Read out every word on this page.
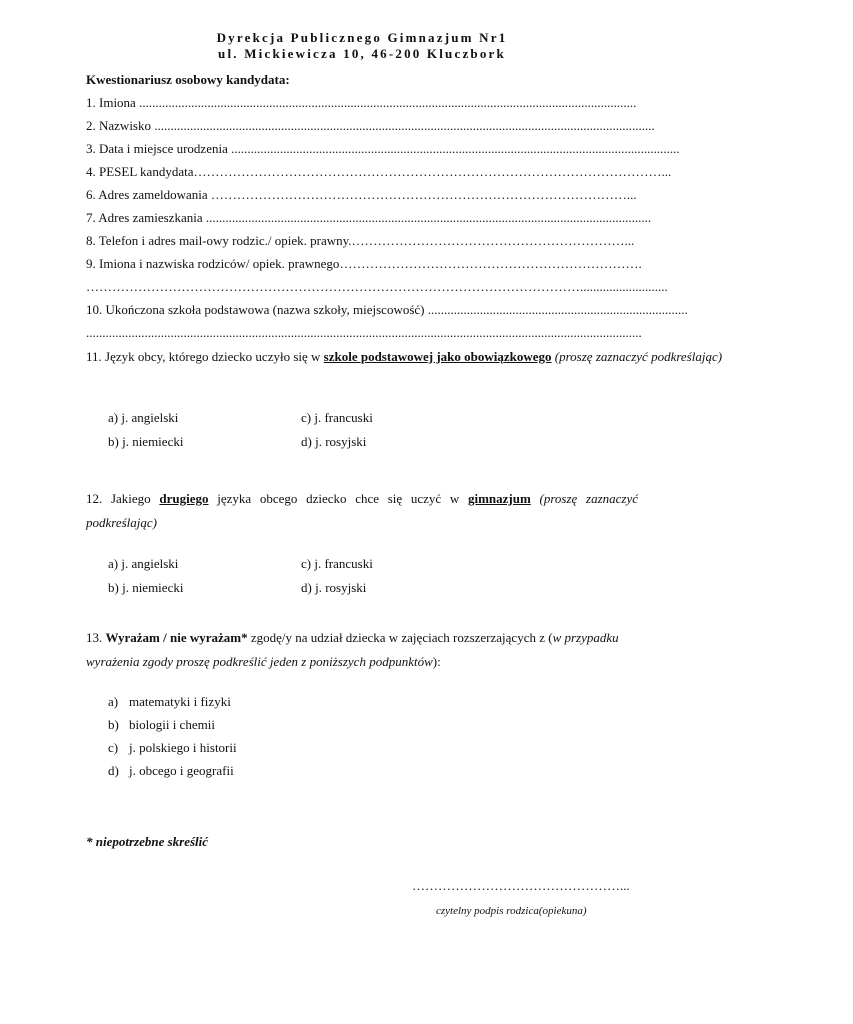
Dyrekcja Publicznego Gimnazjum Nr1
ul. Mickiewicza 10, 46-200 Kluczbork
Kwestionariusz osobowy kandydata:
1. Imiona .........................................................................................................................................................
2. Nazwisko ..........................................................................................................................................................
3. Data i miejsce urodzenia ..........................................................................................................................................
4. PESEL kandydata………………………………………………………………………………………………...
6. Adres zameldowania ……………………………………………………………………………………...
7. Adres zamieszkania .........................................................................................................................................
8. Telefon i adres mail-owy rodzic./ opiek. prawny.………………………………………………………...
9. Imiona i nazwiska rodziców/ opiek. prawnego…………………………………………………………….
……………………………………………………………………………………………………...........................
10. Ukończona szkoła podstawowa (nazwa szkoły, miejscowość) ................................................................................
...........................................................................................................................................................................
11. Język obcy, którego dziecko uczyło się w szkole podstawowej jako obowiązkowego (proszę zaznaczyć podkreślając)
a) j. angielski	c) j. francuski
b) j. niemiecki	d) j. rosyjski
12. Jakiego drugiego języka obcego dziecko chce się uczyć w gimnazjum (proszę zaznaczyć podkreślając)
a) j. angielski	c) j. francuski
b) j. niemiecki	d) j. rosyjski
13. Wyrażam / nie wyrażam* zgodę/y na udział dziecka w zajęciach rozszerzających z (w przypadku wyrażenia zgody proszę podkreślić jeden z poniższych podpunktów):
a) matematyki i fizyki
b) biologii i chemii
c) j. polskiego i historii
d) j. obcego i geografii
* niepotrzebne skreślić
…………………………………………...
czytelny podpis rodzica(opiekuna)
